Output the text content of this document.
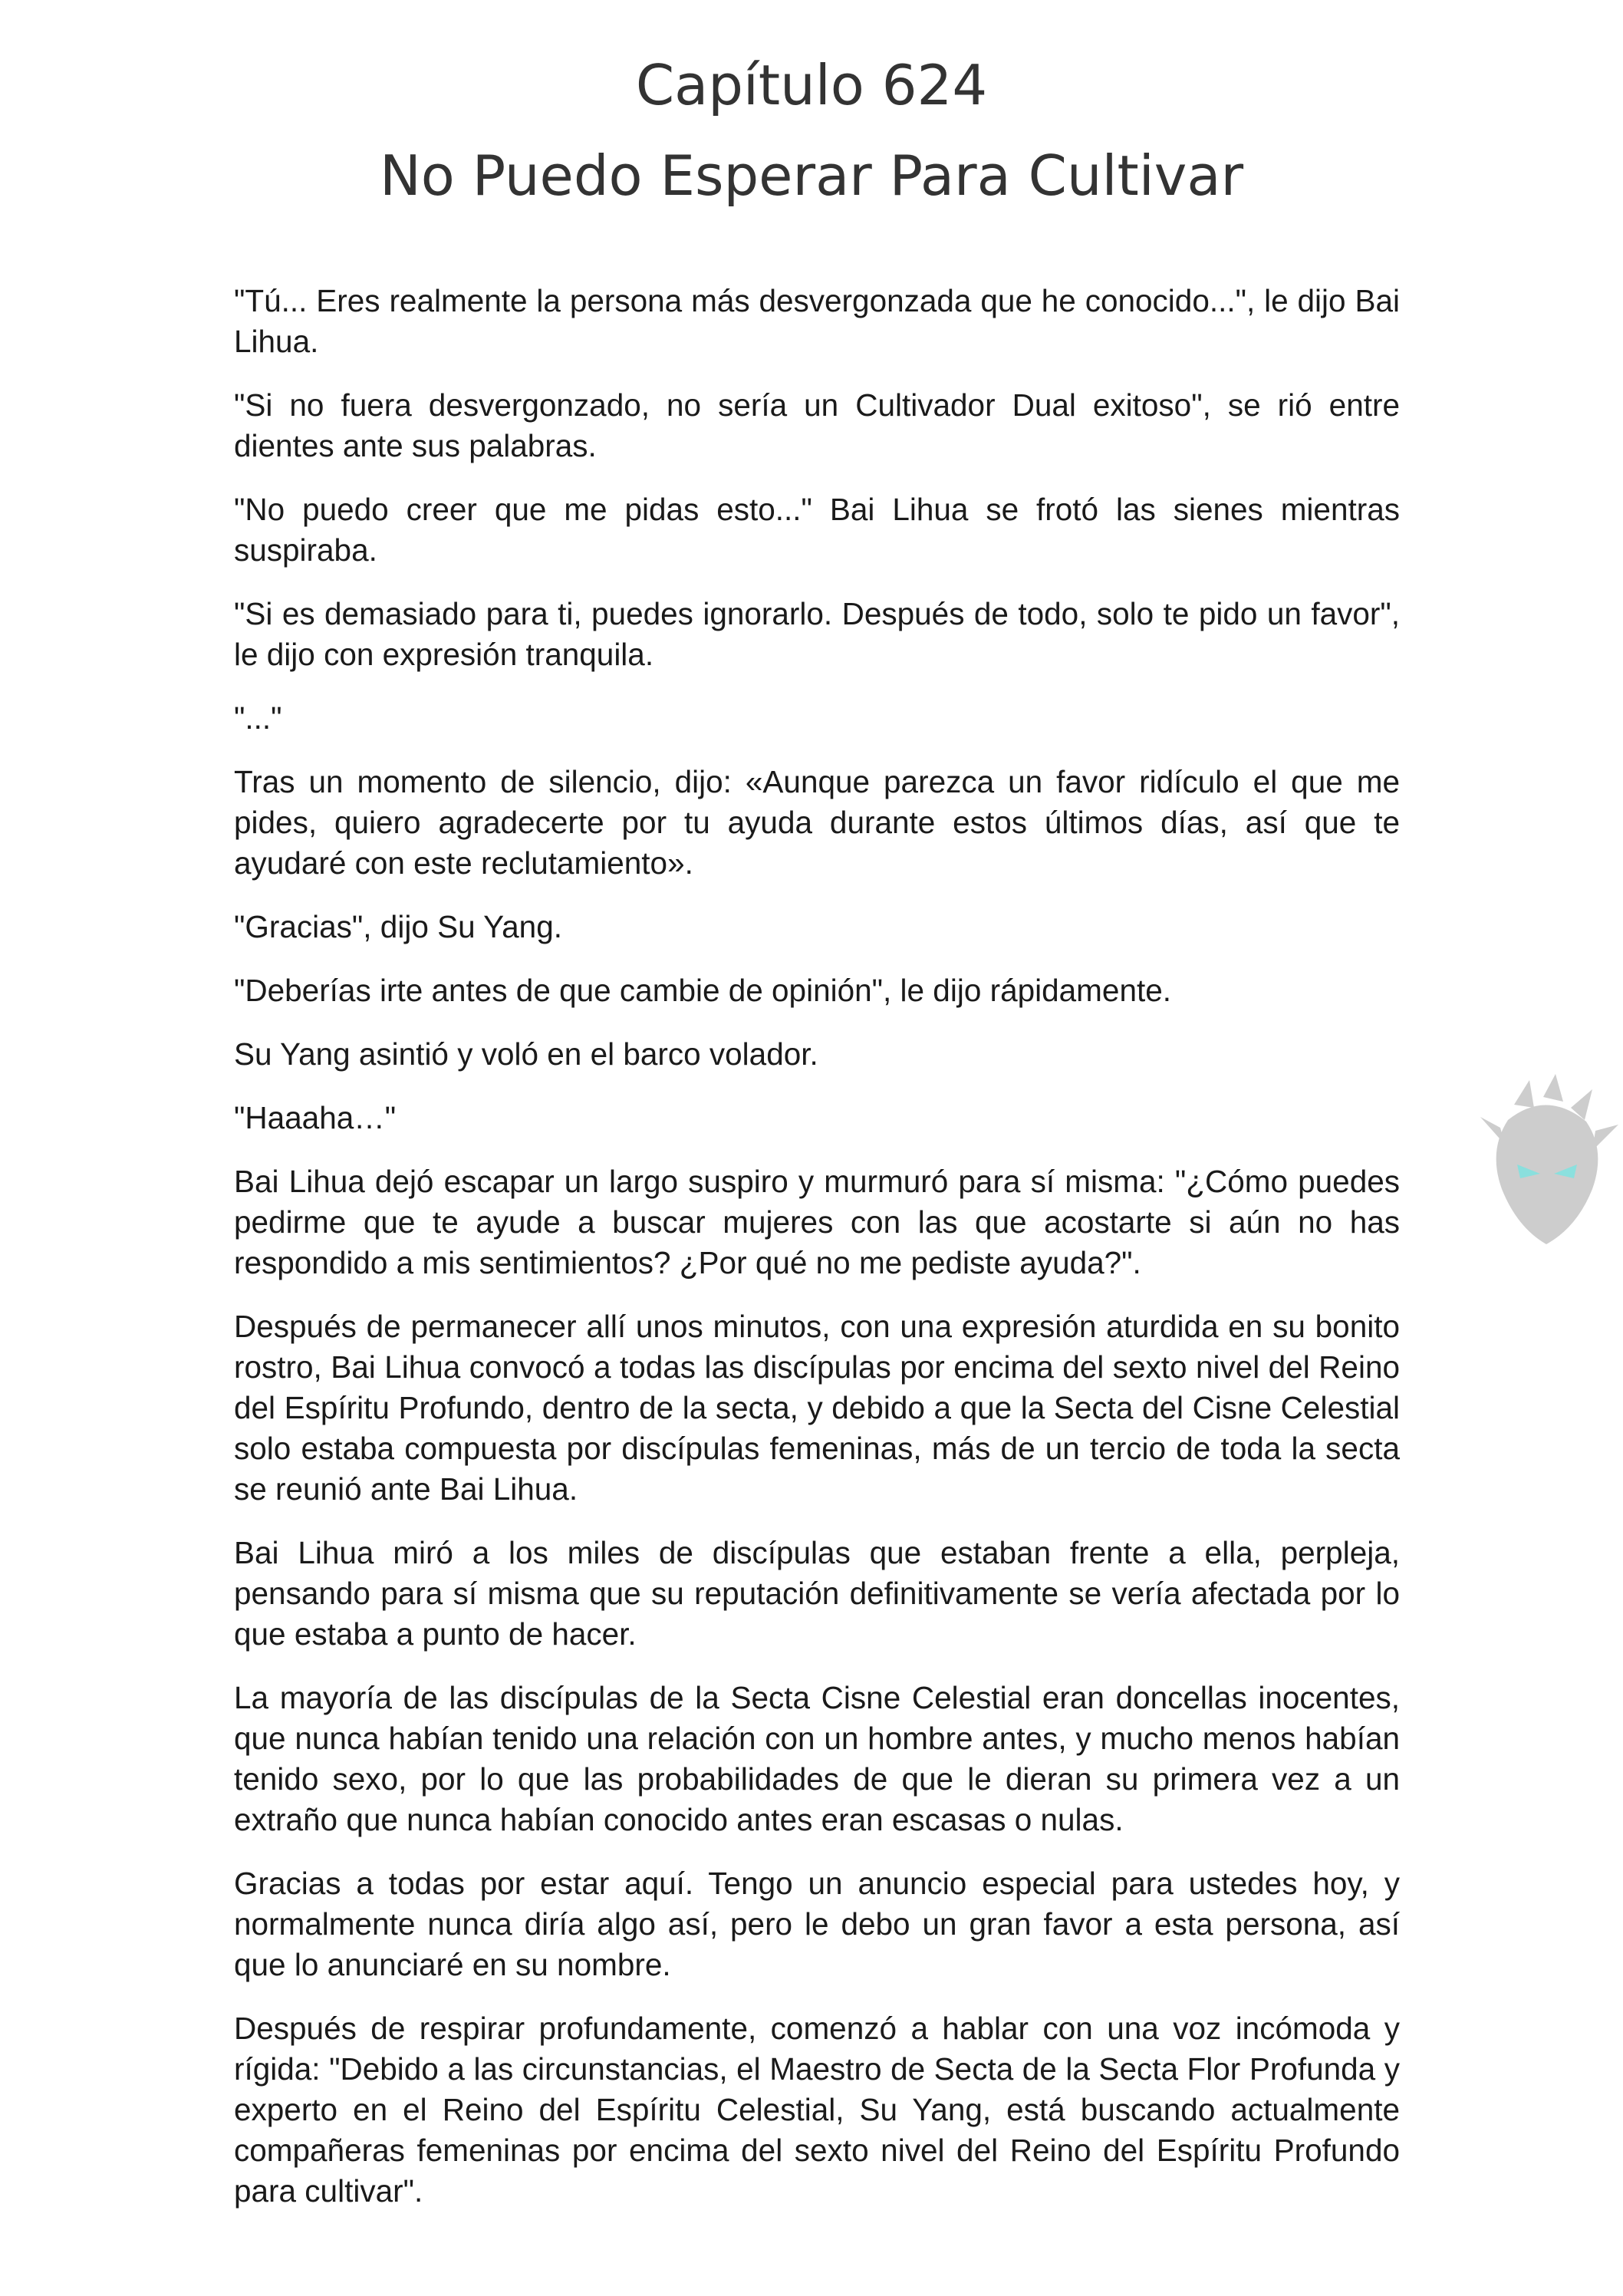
Capítulo 624
No Puedo Esperar Para Cultivar

"Tú... Eres realmente la persona más desvergonzada que he conocido...", le dijo Bai Lihua.

"Si no fuera desvergonzado, no sería un Cultivador Dual exitoso", se rió entre dientes ante sus palabras.

"No puedo creer que me pidas esto..." Bai Lihua se frotó las sienes mientras suspiraba.

"Si es demasiado para ti, puedes ignorarlo. Después de todo, solo te pido un favor", le dijo con expresión tranquila.

"..."

Tras un momento de silencio, dijo: «Aunque parezca un favor ridículo el que me pides, quiero agradecerte por tu ayuda durante estos últimos días, así que te ayudaré con este reclutamiento».

"Gracias", dijo Su Yang.

"Deberías irte antes de que cambie de opinión", le dijo rápidamente.

Su Yang asintió y voló en el barco volador.

"Haaaha…"

Bai Lihua dejó escapar un largo suspiro y murmuró para sí misma: "¿Cómo puedes pedirme que te ayude a buscar mujeres con las que acostarte si aún no has respondido a mis sentimientos? ¿Por qué no me pediste ayuda?".

Después de permanecer allí unos minutos, con una expresión aturdida en su bonito rostro, Bai Lihua convocó a todas las discípulas por encima del sexto nivel del Reino del Espíritu Profundo, dentro de la secta, y debido a que la Secta del Cisne Celestial solo estaba compuesta por discípulas femeninas, más de un tercio de toda la secta se reunió ante Bai Lihua.

Bai Lihua miró a los miles de discípulas que estaban frente a ella, perpleja, pensando para sí misma que su reputación definitivamente se vería afectada por lo que estaba a punto de hacer.

La mayoría de las discípulas de la Secta Cisne Celestial eran doncellas inocentes, que nunca habían tenido una relación con un hombre antes, y mucho menos habían tenido sexo, por lo que las probabilidades de que le dieran su primera vez a un extraño que nunca habían conocido antes eran escasas o nulas.

Gracias a todas por estar aquí. Tengo un anuncio especial para ustedes hoy, y normalmente nunca diría algo así, pero le debo un gran favor a esta persona, así que lo anunciaré en su nombre.

Después de respirar profundamente, comenzó a hablar con una voz incómoda y rígida: "Debido a las circunstancias, el Maestro de Secta de la Secta Flor Profunda y experto en el Reino del Espíritu Celestial, Su Yang, está buscando actualmente compañeras femeninas por encima del sexto nivel del Reino del Espíritu Profundo para cultivar".
